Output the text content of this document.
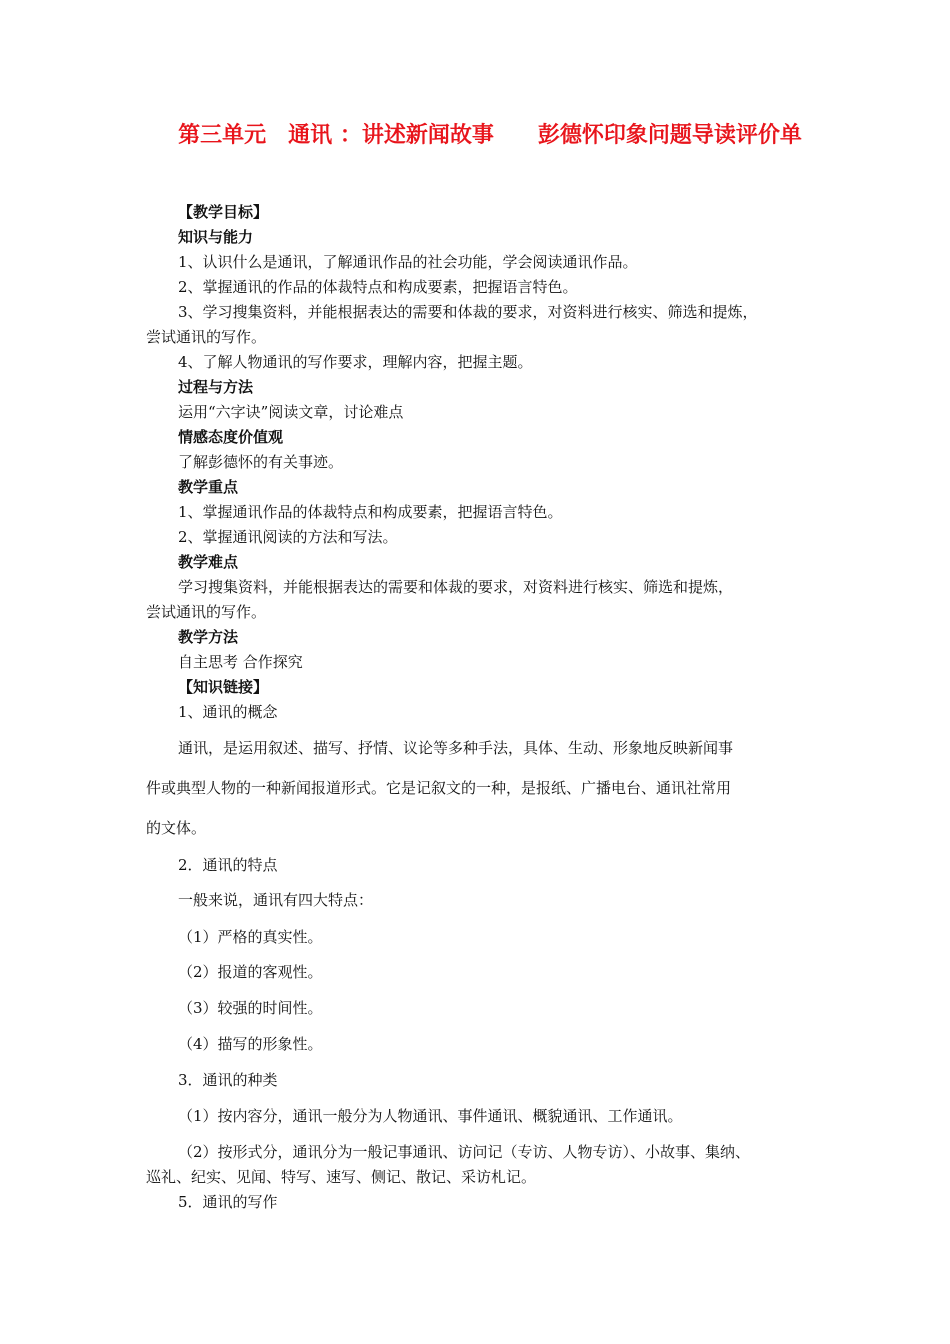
第三单元　通讯 ：讲述新闻故事　　彭德怀印象问题导读评价单
【教学目标】
知识与能力
1、认识什么是通讯，了解通讯作品的社会功能，学会阅读通讯作品。
2、掌握通讯的作品的体裁特点和构成要素，把握语言特色。
3、学习搜集资料，并能根据表达的需要和体裁的要求，对资料进行核实、筛选和提炼，
尝试通讯的写作。
4、了解人物通讯的写作要求，理解内容，把握主题。
过程与方法
运用“六字诀”阅读文章，讨论难点
情感态度价值观
了解彭德怀的有关事迹。
教学重点
1、掌握通讯作品的体裁特点和构成要素，把握语言特色。
2、掌握通讯阅读的方法和写法。
教学难点
学习搜集资料，并能根据表达的需要和体裁的要求，对资料进行核实、筛选和提炼，
尝试通讯的写作。
教学方法
自主思考 合作探究
【知识链接】
1、通讯的概念
通讯，是运用叙述、描写、抒情、议论等多种手法，具体、生动、形象地反映新闻事
件或典型人物的一种新闻报道形式。它是记叙文的一种，是报纸、广播电台、通讯社常用
的文体。
2．通讯的特点
一般来说，通讯有四大特点：
（1）严格的真实性。
（2）报道的客观性。
（3）较强的时间性。
（4）描写的形象性。
3．通讯的种类
（1）按内容分，通讯一般分为人物通讯、事件通讯、概貌通讯、工作通讯。
（2）按形式分，通讯分为一般记事通讯、访问记（专访、人物专访）、小故事、集纳、
巡礼、纪实、见闻、特写、速写、侧记、散记、采访札记。
5．通讯的写作
